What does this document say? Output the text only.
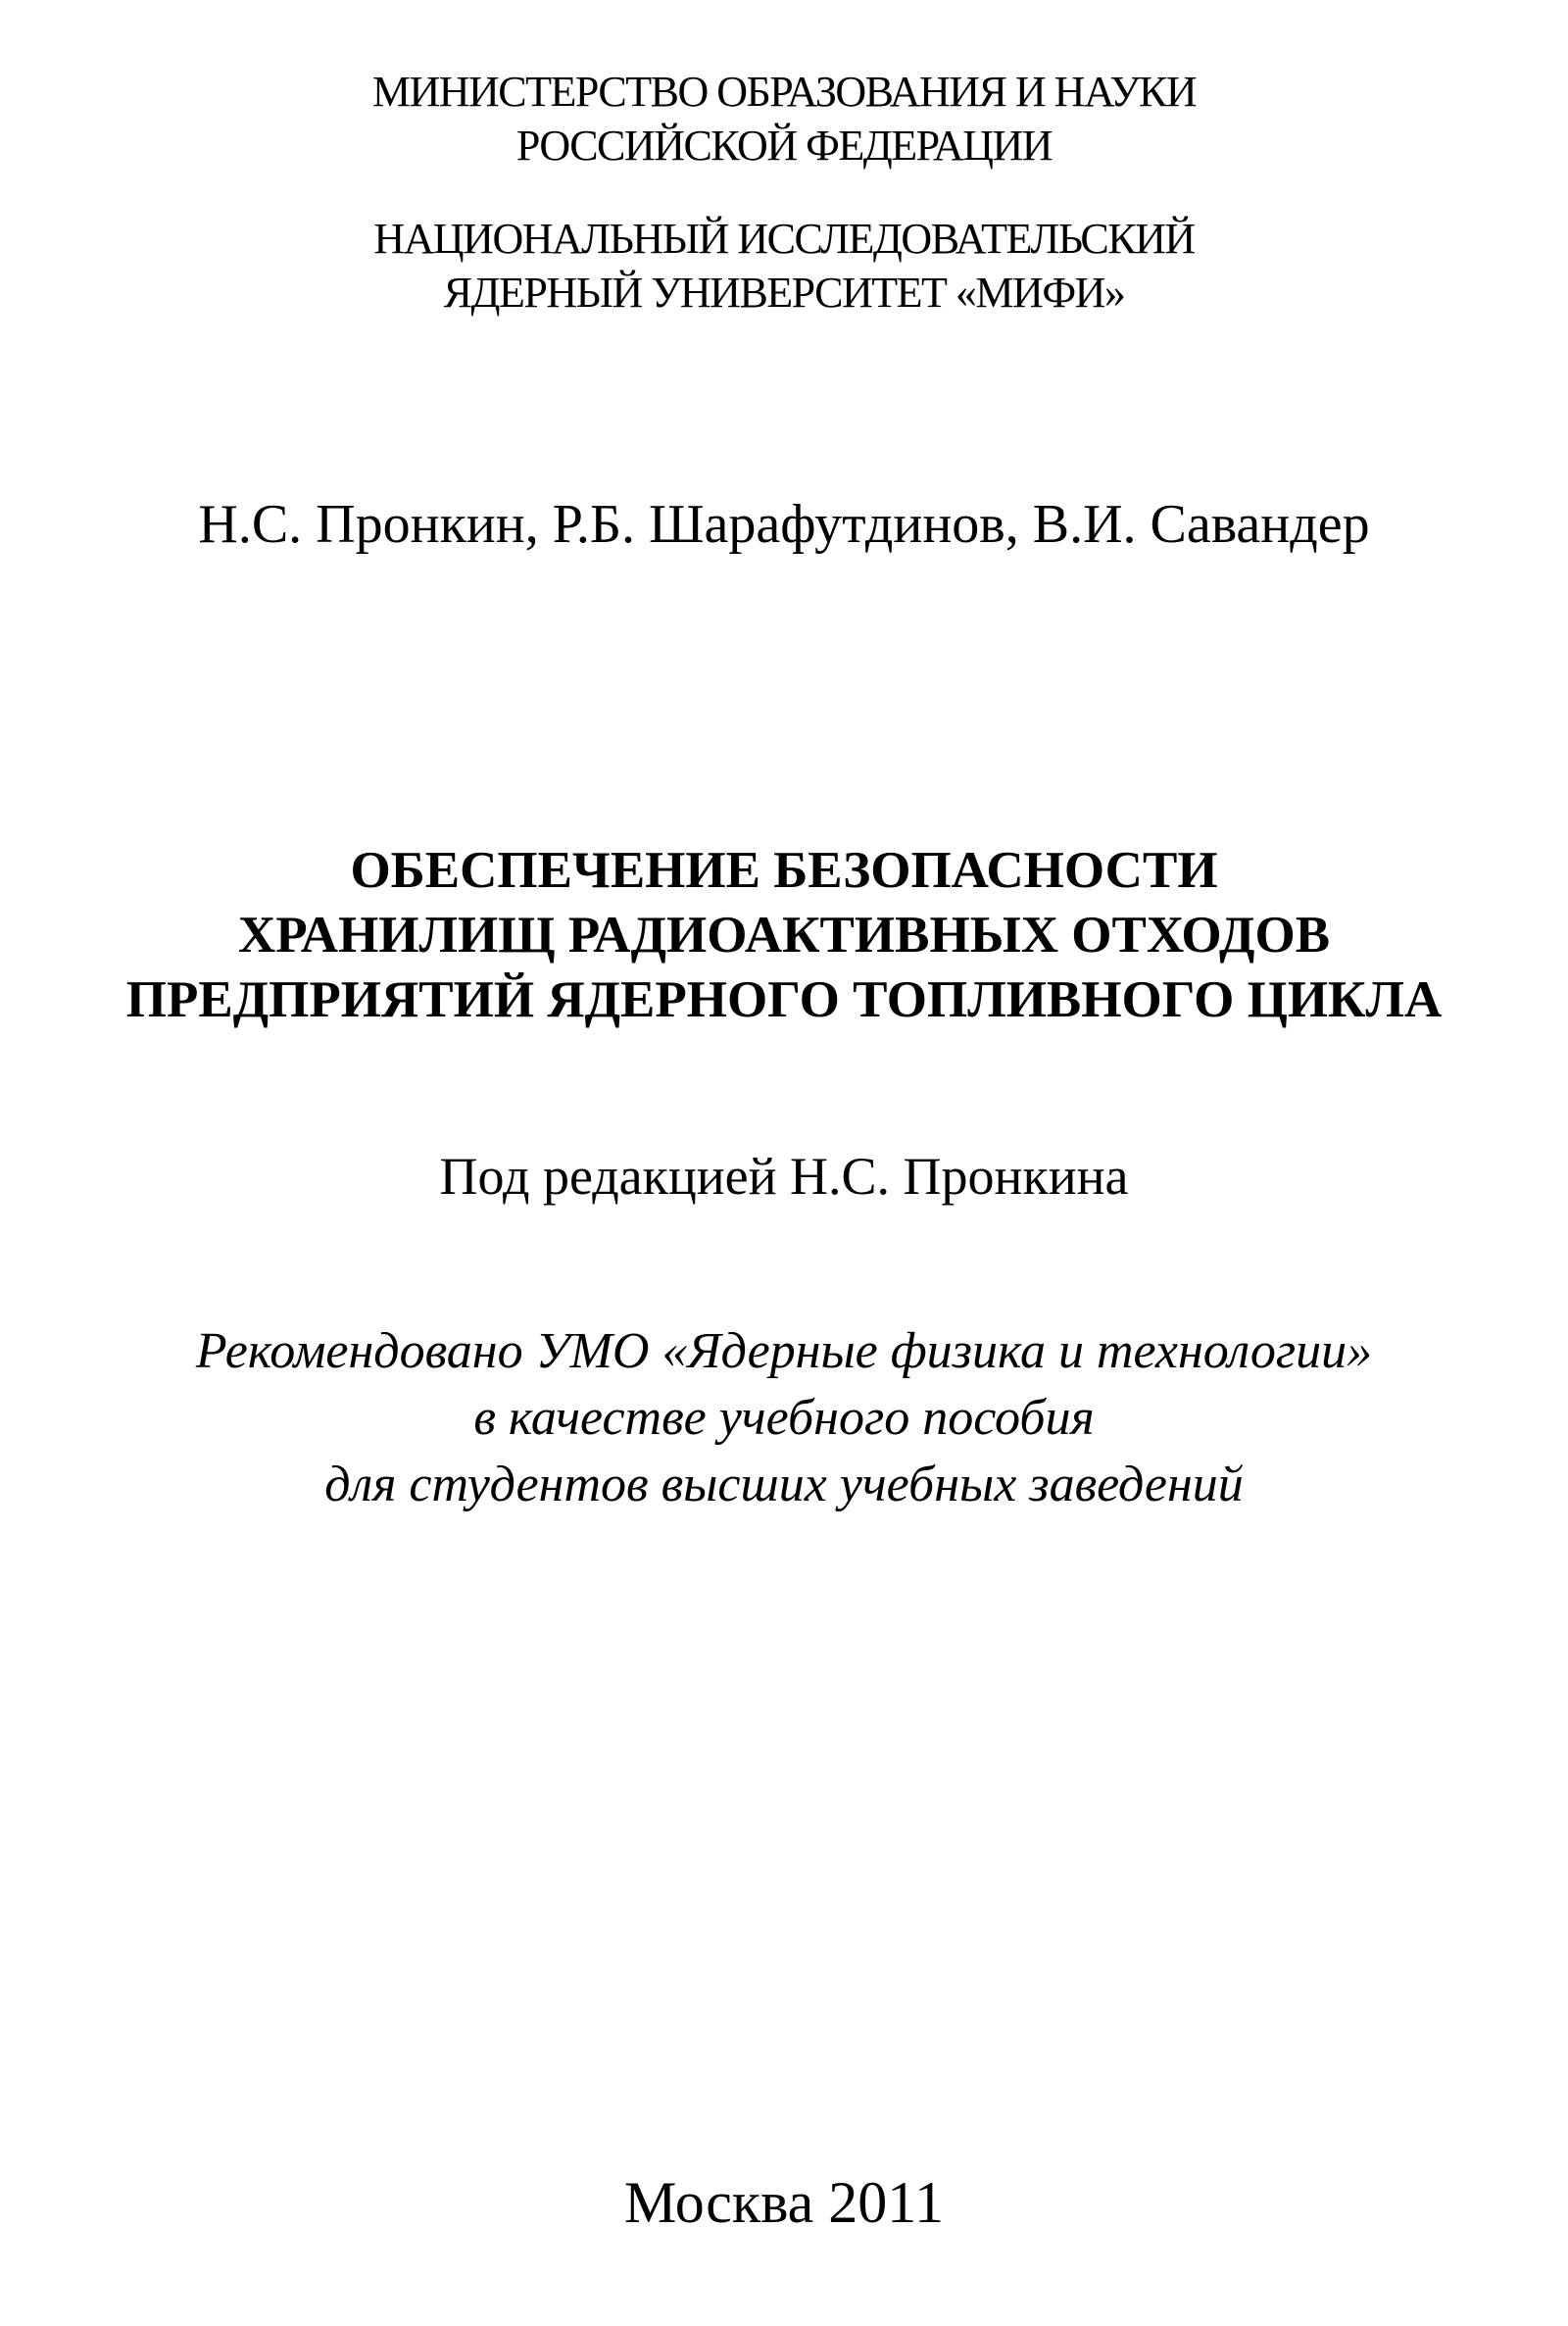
МИНИСТЕРСТВО ОБРАЗОВАНИЯ И НАУКИ
РОССИЙСКОЙ ФЕДЕРАЦИИ
НАЦИОНАЛЬНЫЙ ИССЛЕДОВАТЕЛЬСКИЙ
ЯДЕРНЫЙ УНИВЕРСИТЕТ «МИФИ»
Н.С. Пронкин, Р.Б. Шарафутдинов, В.И. Савандер
ОБЕСПЕЧЕНИЕ БЕЗОПАСНОСТИ
ХРАНИЛИЩ РАДИОАКТИВНЫХ ОТХОДОВ
ПРЕДПРИЯТИЙ ЯДЕРНОГО ТОПЛИВНОГО ЦИКЛА
Под редакцией Н.С. Пронкина
Рекомендовано УМО «Ядерные физика и технологии»
в качестве учебного пособия
для студентов высших учебных заведений
Москва 2011
